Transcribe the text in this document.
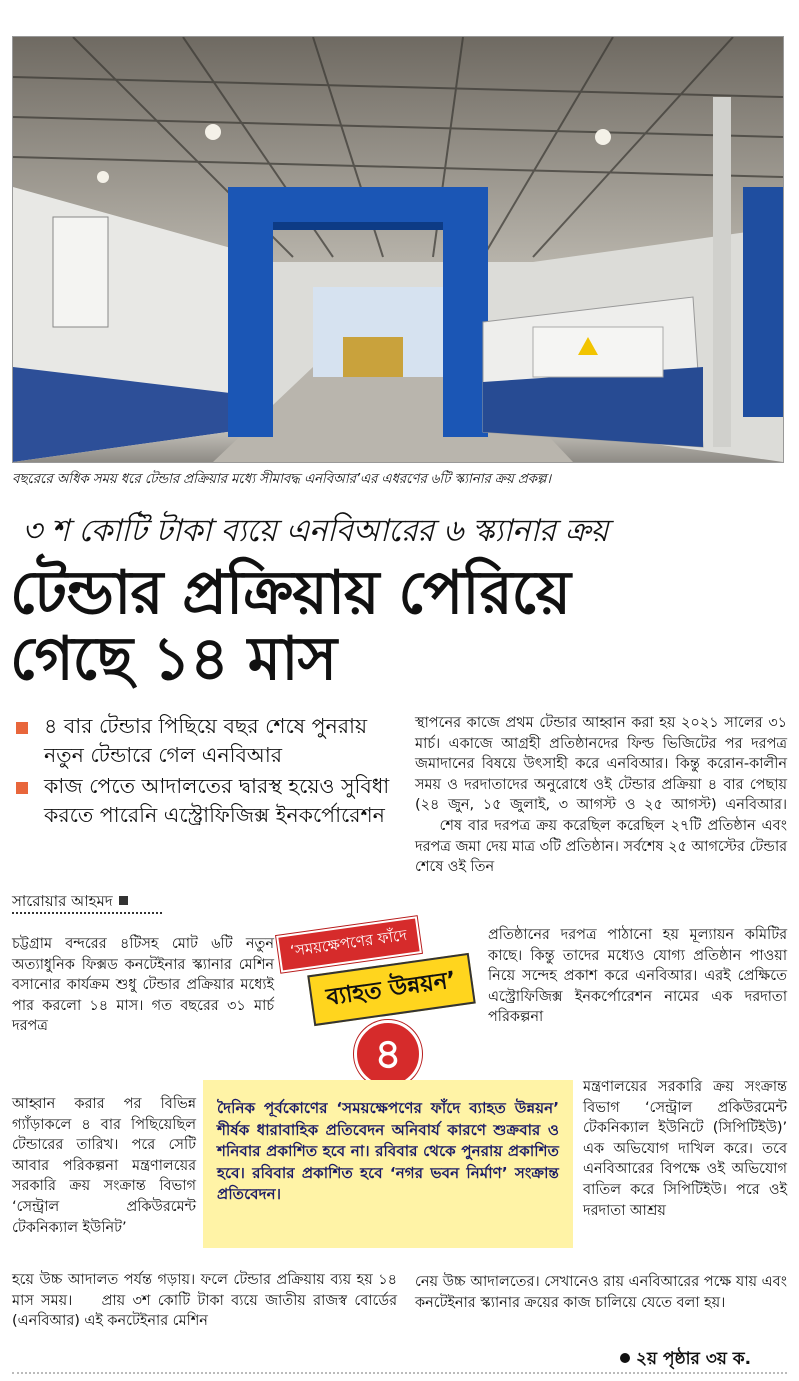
বছরেরে অধিক সময় ধরে টেন্ডার প্রক্রিয়ার মধ্যে সীমাবদ্ধ এনবিআর’এর এধরণের ৬টি স্ক্যানার ক্রয় প্রকল্প।
৩ শ কোটি টাকা ব্যয়ে এনবিআরের ৬ স্ক্যানার ক্রয়
টেন্ডার প্রক্রিয়ায় পেরিয়ে
গেছে ১৪ মাস
৪ বার টেন্ডার পিছিয়ে বছর শেষে পুনরায় নতুন টেন্ডারে গেল এনবিআর
কাজ পেতে আদালতের দ্বারস্থ হয়েও সুবিধা করতে পারেনি এস্ট্রোফিজিক্স ইনকর্পোরেশন
সারোয়ার আহমদ
চট্টগ্রাম বন্দরের ৪টিসহ মোট ৬টি নতুন অত্যাধুনিক ফিক্সড কনটেইনার স্ক্যানার মেশিন বসানোর কার্যক্রম শুধু টেন্ডার প্রক্রিয়ার মধ্যেই পার করলো ১৪ মাস। গত বছরের ৩১ মার্চ দরপত্র
আহ্বান করার পর বিভিন্ন গ্যাঁড়াকলে ৪ বার পিছিয়েছিল টেন্ডারের তারিখ। পরে সেটি আবার পরিকল্পনা মন্ত্রণালয়ের সরকারি ক্রয় সংক্রান্ত বিভাগ ‘সেন্ট্রাল প্রকিউরমেন্ট টেকনিক্যাল ইউনিট’
হয়ে উচ্চ আদালত পর্যন্ত গড়ায়। ফলে টেন্ডার প্রক্রিয়ায় ব্যয় হয় ১৪ মাস সময়।    প্রায় ৩শ কোটি টাকা ব্যয়ে জাতীয় রাজস্ব বোর্ডের (এনবিআর) এই কনটেইনার মেশিন
স্থাপনের কাজে প্রথম টেন্ডার আহ্বান করা হয় ২০২১ সালের ৩১ মার্চ। একাজে আগ্রহী প্রতিষ্ঠানদের ফিল্ড ভিজিটের পর দরপত্র জমাদানের বিষয়ে উৎসাহী করে এনবিআর। কিন্তু করোন-কালীন সময় ও দরদাতাদের অনুরোধে ওই টেন্ডার প্রক্রিয়া ৪ বার পেছায় (২৪ জুন, ১৫ জুলাই, ৩ আগস্ট ও ২৫ আগস্ট) এনবিআর।    শেষ বার দরপত্র ক্রয় করেছিল করেছিল ২৭টি প্রতিষ্ঠান এবং দরপত্র জমা দেয় মাত্র ৩টি প্রতিষ্ঠান। সর্বশেষ ২৫ আগস্টের টেন্ডার শেষে ওই তিন
প্রতিষ্ঠানের দরপত্র পাঠানো হয় মূল্যায়ন কমিটির কাছে। কিন্তু তাদের মধ্যেও যোগ্য প্রতিষ্ঠান পাওয়া নিয়ে সন্দেহ প্রকাশ করে এনবিআর। এরই প্রেক্ষিতে এস্ট্রোফিজিক্স ইনকর্পোরেশন নামের এক দরদাতা পরিকল্পনা
মন্ত্রণালয়ের সরকারি ক্রয় সংক্রান্ত বিভাগ ‘সেন্ট্রাল প্রকিউরমেন্ট টেকনিক্যাল ইউনিটে (সিপিটিইউ)’ এক অভিযোগ দাখিল করে। তবে এনবিআরের বিপক্ষে ওই অভিযোগ বাতিল করে সিপিটিইউ। পরে ওই দরদাতা আশ্রয়
নেয় উচ্চ আদালতের। সেখানেও রায় এনবিআরের পক্ষে যায় এবং কনটেইনার স্ক্যানার ক্রয়ের কাজ চালিয়ে যেতে বলা হয়।
‘সময়ক্ষেপণের ফাঁদে
ব্যাহত উন্নয়ন’
৪
দৈনিক পূর্বকোণের ‘সময়ক্ষেপণের ফাঁদে ব্যাহত উন্নয়ন’ শীর্ষক ধারাবাহিক প্রতিবেদন অনিবার্য কারণে শুক্রবার ও শনিবার প্রকাশিত হবে না। রবিবার থেকে পুনরায় প্রকাশিত হবে। রবিবার প্রকাশিত হবে ‘নগর ভবন নির্মাণ’ সংক্রান্ত প্রতিবেদন।
২য় পৃষ্ঠার ৩য় ক.
